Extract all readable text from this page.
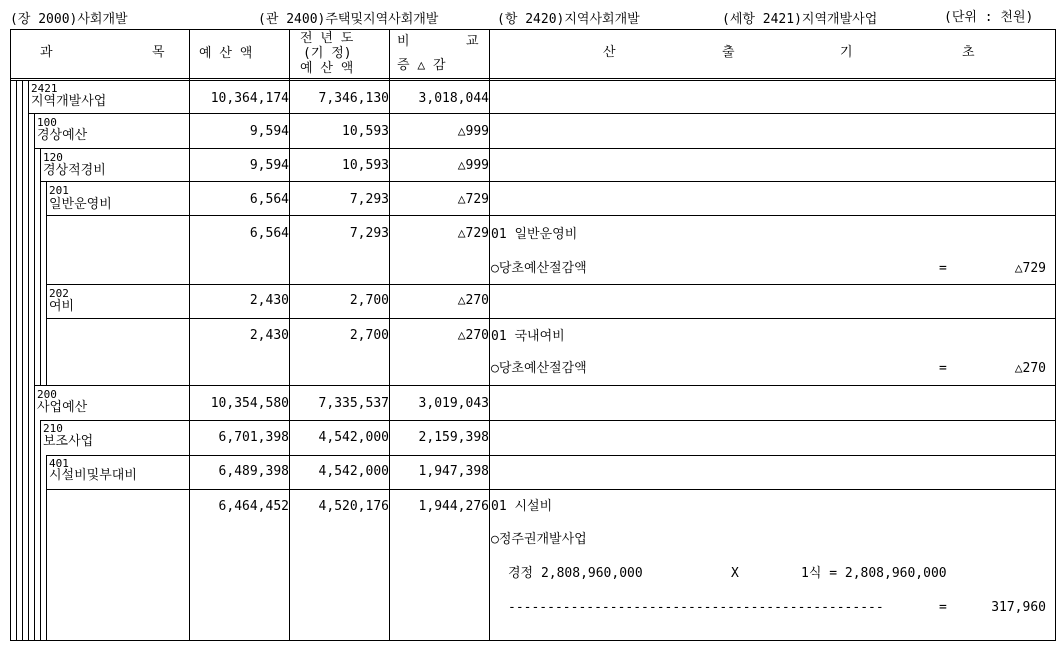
(장 2000)사회개발	(관 2400)주택및지역사회개발	(항 2420)지역사회개발	(세항 2421)지역개발사업	(단위 : 천원)
과	목	예 산 액
전 년 도
(기 정)
예 산 액
비	교
증 △ 감
산	출	기	초
2421
지역개발사업	10,364,174 7,346,130 3,018,044
100
경상예산	9,594	10,593	△999
120
경상적경비	9,594	10,593	△999
201
일반운영비	6,564	7,293	△729
6,564	7,293	△729 01 일반운영비
○당초예산절감액	=	△729
202
여비	2,430	2,700	△270
2,430	2,700	△270 01 국내여비
○당초예산절감액	=	△270
200
사업예산	10,354,580 7,335,537 3,019,043
210
보조사업	6,701,398 4,542,000 2,159,398
401
시설비및부대비	6,489,398 4,542,000 1,947,398
6,464,452 4,520,176 1,944,276 01 시설비
○정주권개발사업
경정 2,808,960,000	X	1식 = 2,808,960,000
------------------------------------------------	=	317,960
